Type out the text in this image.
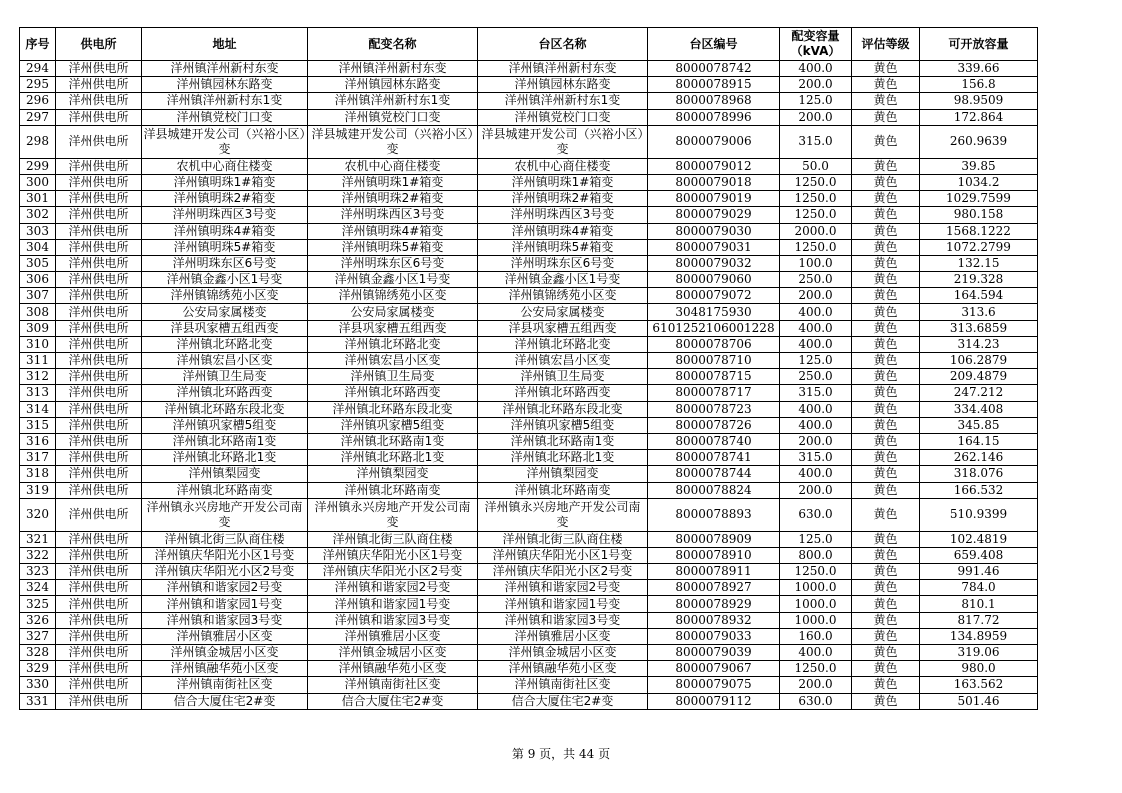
序号	供电所	地址	配变名称	台区名称	台区编号	配变容量（kVA）	评估等级	可开放容量
294	洋州供电所	洋州镇洋州新村东变	洋州镇洋州新村东变	洋州镇洋州新村东变	8000078742	400.0	黄色	339.66
295	洋州供电所	洋州镇园林东路变	洋州镇园林东路变	洋州镇园林东路变	8000078915	200.0	黄色	156.8
296	洋州供电所	洋州镇洋州新村东1变	洋州镇洋州新村东1变	洋州镇洋州新村东1变	8000078968	125.0	黄色	98.9509
297	洋州供电所	洋州镇党校门口变	洋州镇党校门口变	洋州镇党校门口变	8000078996	200.0	黄色	172.864
298	洋州供电所	洋县城建开发公司（兴裕小区）变	洋县城建开发公司（兴裕小区）变	洋县城建开发公司（兴裕小区）变	8000079006	315.0	黄色	260.9639
299	洋州供电所	农机中心商住楼变	农机中心商住楼变	农机中心商住楼变	8000079012	50.0	黄色	39.85
300	洋州供电所	洋州镇明珠1#箱变	洋州镇明珠1#箱变	洋州镇明珠1#箱变	8000079018	1250.0	黄色	1034.2
301	洋州供电所	洋州镇明珠2#箱变	洋州镇明珠2#箱变	洋州镇明珠2#箱变	8000079019	1250.0	黄色	1029.7599
302	洋州供电所	洋州明珠西区3号变	洋州明珠西区3号变	洋州明珠西区3号变	8000079029	1250.0	黄色	980.158
303	洋州供电所	洋州镇明珠4#箱变	洋州镇明珠4#箱变	洋州镇明珠4#箱变	8000079030	2000.0	黄色	1568.1222
304	洋州供电所	洋州镇明珠5#箱变	洋州镇明珠5#箱变	洋州镇明珠5#箱变	8000079031	1250.0	黄色	1072.2799
305	洋州供电所	洋州明珠东区6号变	洋州明珠东区6号变	洋州明珠东区6号变	8000079032	100.0	黄色	132.15
306	洋州供电所	洋州镇金鑫小区1号变	洋州镇金鑫小区1号变	洋州镇金鑫小区1号变	8000079060	250.0	黄色	219.328
307	洋州供电所	洋州镇锦绣苑小区变	洋州镇锦绣苑小区变	洋州镇锦绣苑小区变	8000079072	200.0	黄色	164.594
308	洋州供电所	公安局家属楼变	公安局家属楼变	公安局家属楼变	3048175930	400.0	黄色	313.6
309	洋州供电所	洋县巩家槽五组西变	洋县巩家槽五组西变	洋县巩家槽五组西变	6101252106001228	400.0	黄色	313.6859
310	洋州供电所	洋州镇北环路北变	洋州镇北环路北变	洋州镇北环路北变	8000078706	400.0	黄色	314.23
311	洋州供电所	洋州镇宏昌小区变	洋州镇宏昌小区变	洋州镇宏昌小区变	8000078710	125.0	黄色	106.2879
312	洋州供电所	洋州镇卫生局变	洋州镇卫生局变	洋州镇卫生局变	8000078715	250.0	黄色	209.4879
313	洋州供电所	洋州镇北环路西变	洋州镇北环路西变	洋州镇北环路西变	8000078717	315.0	黄色	247.212
314	洋州供电所	洋州镇北环路东段北变	洋州镇北环路东段北变	洋州镇北环路东段北变	8000078723	400.0	黄色	334.408
315	洋州供电所	洋州镇巩家槽5组变	洋州镇巩家槽5组变	洋州镇巩家槽5组变	8000078726	400.0	黄色	345.85
316	洋州供电所	洋州镇北环路南1变	洋州镇北环路南1变	洋州镇北环路南1变	8000078740	200.0	黄色	164.15
317	洋州供电所	洋州镇北环路北1变	洋州镇北环路北1变	洋州镇北环路北1变	8000078741	315.0	黄色	262.146
318	洋州供电所	洋州镇梨园变	洋州镇梨园变	洋州镇梨园变	8000078744	400.0	黄色	318.076
319	洋州供电所	洋州镇北环路南变	洋州镇北环路南变	洋州镇北环路南变	8000078824	200.0	黄色	166.532
320	洋州供电所	洋州镇永兴房地产开发公司南变	洋州镇永兴房地产开发公司南变	洋州镇永兴房地产开发公司南变	8000078893	630.0	黄色	510.9399
321	洋州供电所	洋州镇北街三队商住楼	洋州镇北街三队商住楼	洋州镇北街三队商住楼	8000078909	125.0	黄色	102.4819
322	洋州供电所	洋州镇庆华阳光小区1号变	洋州镇庆华阳光小区1号变	洋州镇庆华阳光小区1号变	8000078910	800.0	黄色	659.408
323	洋州供电所	洋州镇庆华阳光小区2号变	洋州镇庆华阳光小区2号变	洋州镇庆华阳光小区2号变	8000078911	1250.0	黄色	991.46
324	洋州供电所	洋州镇和谐家园2号变	洋州镇和谐家园2号变	洋州镇和谐家园2号变	8000078927	1000.0	黄色	784.0
325	洋州供电所	洋州镇和谐家园1号变	洋州镇和谐家园1号变	洋州镇和谐家园1号变	8000078929	1000.0	黄色	810.1
326	洋州供电所	洋州镇和谐家园3号变	洋州镇和谐家园3号变	洋州镇和谐家园3号变	8000078932	1000.0	黄色	817.72
327	洋州供电所	洋州镇雅居小区变	洋州镇雅居小区变	洋州镇雅居小区变	8000079033	160.0	黄色	134.8959
328	洋州供电所	洋州镇金城居小区变	洋州镇金城居小区变	洋州镇金城居小区变	8000079039	400.0	黄色	319.06
329	洋州供电所	洋州镇融华苑小区变	洋州镇融华苑小区变	洋州镇融华苑小区变	8000079067	1250.0	黄色	980.0
330	洋州供电所	洋州镇南街社区变	洋州镇南街社区变	洋州镇南街社区变	8000079075	200.0	黄色	163.562
331	洋州供电所	信合大厦住宅2#变	信合大厦住宅2#变	信合大厦住宅2#变	8000079112	630.0	黄色	501.46
第 9 页，共 44 页
